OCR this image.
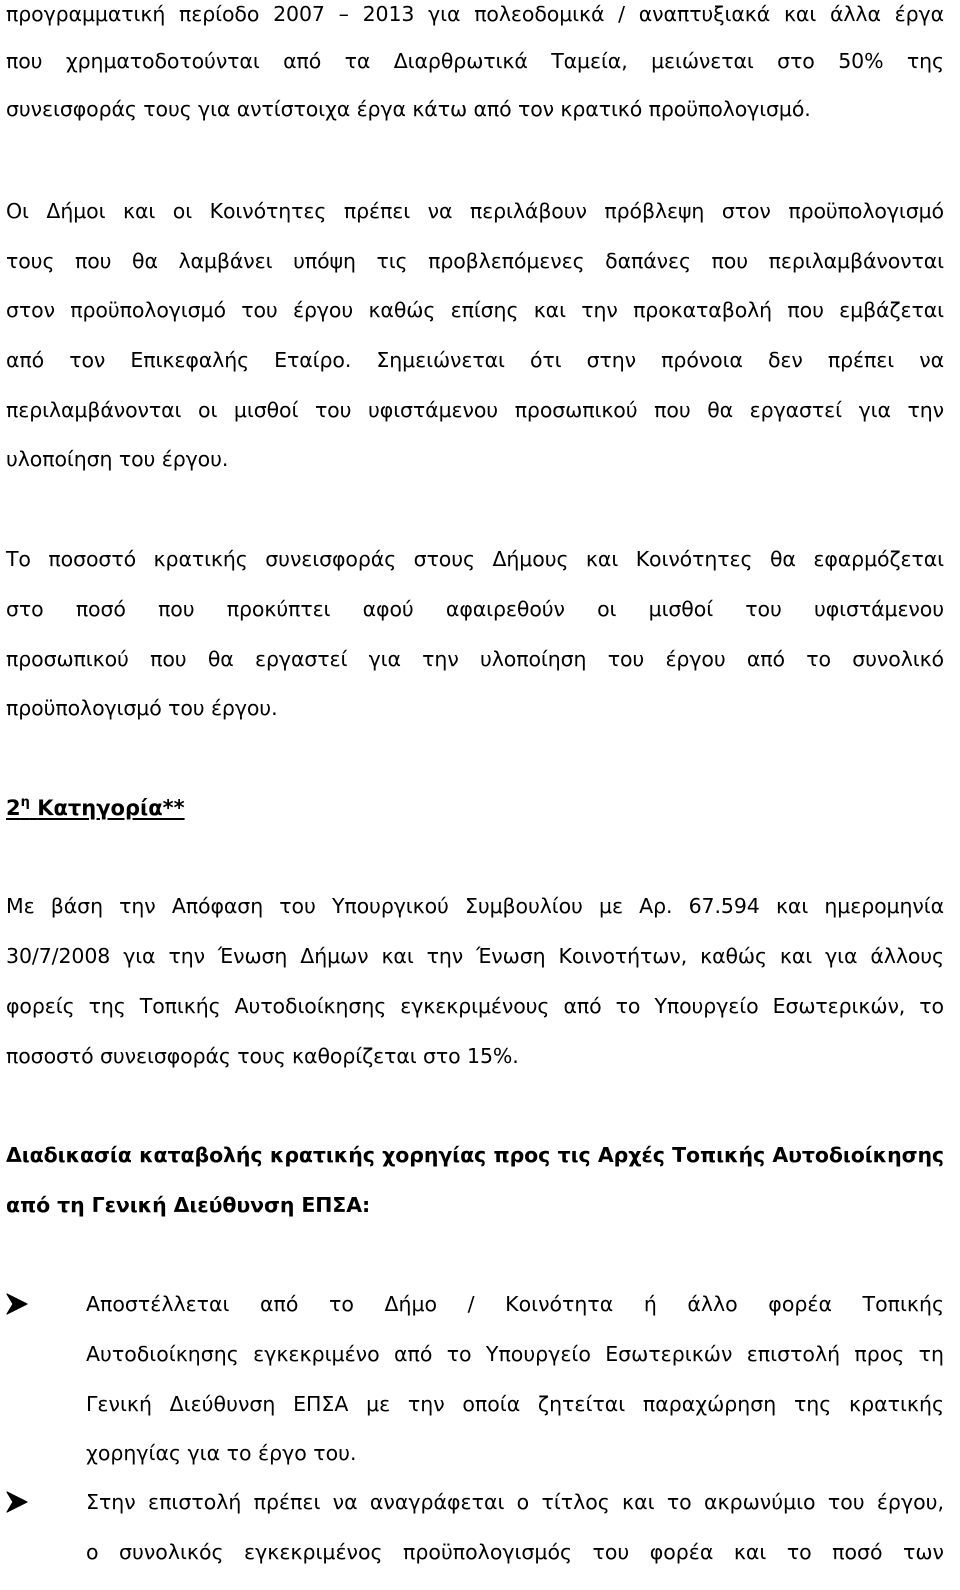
προγραμματική περίοδο 2007 – 2013 για πολεοδομικά / αναπτυξιακά και άλλα έργα
που χρηματοδοτούνται από τα Διαρθρωτικά Ταμεία, μειώνεται στο 50% της
συνεισφοράς τους για αντίστοιχα έργα κάτω από τον κρατικό προϋπολογισμό.
Οι Δήμοι και οι Κοινότητες πρέπει να περιλάβουν πρόβλεψη στον προϋπολογισμό
τους που θα λαμβάνει υπόψη τις προβλεπόμενες δαπάνες που περιλαμβάνονται
στον προϋπολογισμό του έργου καθώς επίσης και την προκαταβολή που εμβάζεται
από τον Επικεφαλής Εταίρο. Σημειώνεται ότι στην πρόνοια δεν πρέπει να
περιλαμβάνονται οι μισθοί του υφιστάμενου προσωπικού που θα εργαστεί για την
υλοποίηση του έργου.
Το ποσοστό κρατικής συνεισφοράς στους Δήμους και Κοινότητες θα εφαρμόζεται
στο ποσό που προκύπτει αφού αφαιρεθούν οι μισθοί του υφιστάμενου
προσωπικού που θα εργαστεί για την υλοποίηση του έργου από το συνολικό
προϋπολογισμό του έργου.
$2^\eta$ Κατηγορία**
Με βάση την Απόφαση του Υπουργικού Συμβουλίου με Αρ. 67.594 και ημερομηνία
30/7/2008 για την Ένωση Δήμων και την Ένωση Κοινοτήτων, καθώς και για άλλους
φορείς της Τοπικής Αυτοδιοίκησης εγκεκριμένους από το Υπουργείο Εσωτερικών, το
ποσοστό συνεισφοράς τους καθορίζεται στο 15%.
Διαδικασία καταβολής κρατικής χορηγίας προς τις Αρχές Τοπικής Αυτοδιοίκησης
από τη Γενική Διεύθυνση ΕΠΣΑ:
Αποστέλλεται από το Δήμο / Κοινότητα ή άλλο φορέα Τοπικής
Αυτοδιοίκησης εγκεκριμένο από το Υπουργείο Εσωτερικών επιστολή προς τη
Γενική Διεύθυνση ΕΠΣΑ με την οποία ζητείται παραχώρηση της κρατικής
χορηγίας για το έργο του.
Στην επιστολή πρέπει να αναγράφεται ο τίτλος και το ακρωνύμιο του έργου,
ο συνολικός εγκεκριμένος προϋπολογισμός του φορέα και το ποσό των
